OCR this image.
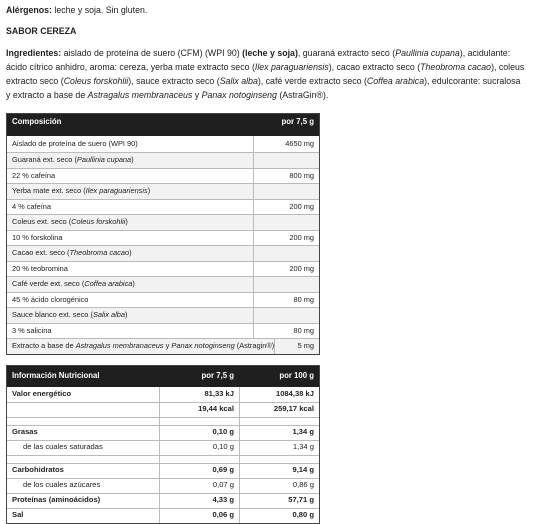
Alérgenos: leche y soja. Sin gluten.
SABOR CEREZA
Ingredientes: aislado de proteína de suero (CFM) (WPI 90) (leche y soja), guaraná extracto seco (Paullinia cupana), acidulante: ácido cítrico anhidro, aroma: cereza, yerba mate extracto seco (Ilex paraguariensis), cacao extracto seco (Theobroma cacao), coleus extracto seco (Coleus forskohlii), sauce extracto seco (Salix alba), café verde extracto seco (Coffea arabica), edulcorante: sucralosa y extracto a base de Astragalus membranaceus y Panax notoginseng (AstraGin®).
Composición	por 7,5 g
Aislado de proteína de suero (WPI 90)	4650 mg
Guaraná ext. seco (Paullinia cupana)
22 % cafeína	800 mg
Yerba mate ext. seco (Ilex paraguariensis)
4 % cafeína	200 mg
Coleus ext. seco (Coleus forskohlii)
10 % forskolina	200 mg
Cacao ext. seco (Theobroma cacao)
20 % teobromina	200 mg
Café verde ext. seco (Coffea arabica)
45 % ácido clorogénico	80 mg
Sauce blanco ext. seco (Salix alba)
3 % salicina	80 mg
Extracto a base de Astragalus membranaceus y Panax notoginseng (Astragin®)	5 mg
Información Nutricional	por 7,5 g	por 100 g
Valor energético	81,33 kJ	1084,38 kJ
19,44 kcal	259,17 kcal
Grasas	0,10 g	1,34 g
de las cuales saturadas	0,10 g	1,34 g
Carbohidratos	0,69 g	9,14 g
de los cuales azúcares	0,07 g	0,86 g
Proteínas (aminoácidos)	4,33 g	57,71 g
Sal	0,06 g	0,80 g
